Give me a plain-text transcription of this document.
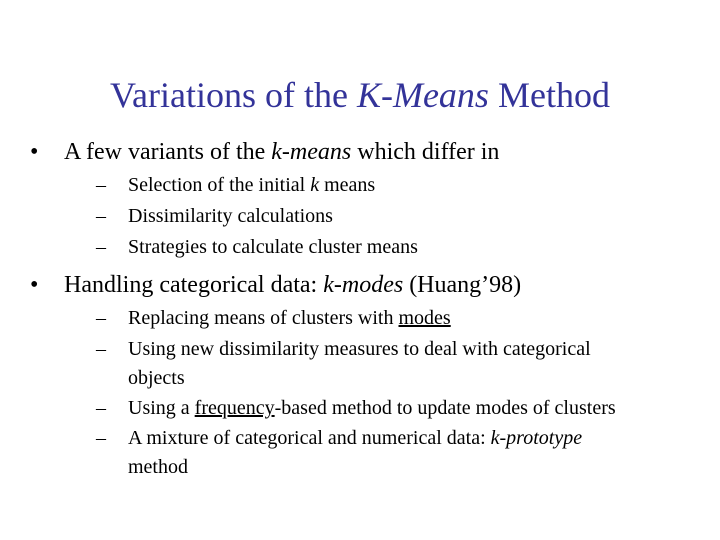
Variations of the K-Means Method
•	A few variants of the k-means which differ in
– Selection of the initial k means
– Dissimilarity calculations
– Strategies to calculate cluster means
•	Handling categorical data: k-modes (Huang’98)
– Replacing means of clusters with modes
– Using new dissimilarity measures to deal with categorical
objects
– Using a frequency-based method to update modes of clusters
– A mixture of categorical and numerical data: k-prototype
method
